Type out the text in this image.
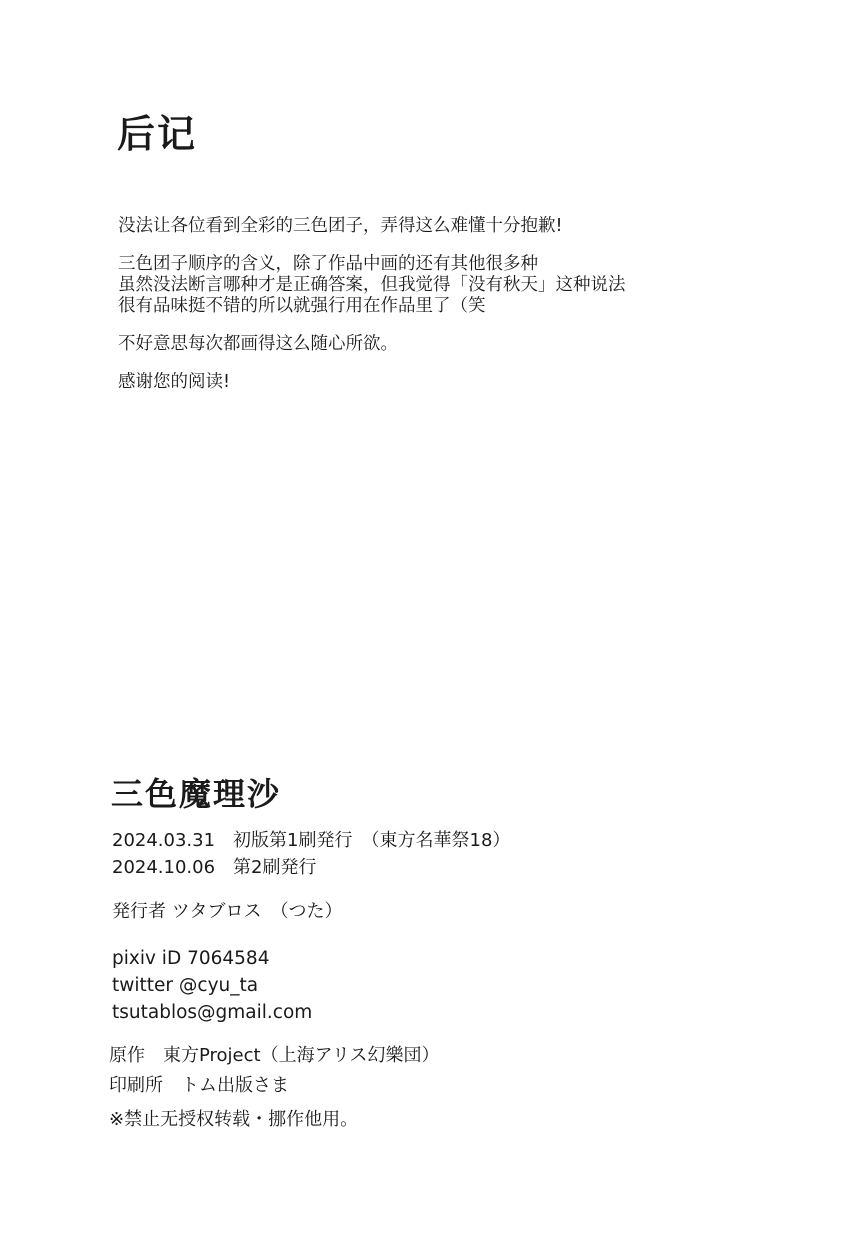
后记

没法让各位看到全彩的三色团子，弄得这么难懂十分抱歉!

三色团子顺序的含义，除了作品中画的还有其他很多种
虽然没法断言哪种才是正确答案，但我觉得「没有秋天」这种说法
很有品味挺不错的所以就强行用在作品里了（笑

不好意思每次都画得这么随心所欲。

感谢您的阅读!

三色魔理沙
2024.03.31　初版第1刷発行　（東方名華祭18）
2024.10.06　第2刷発行
発行者 ツタブロス　（つた）
pixiv iD 7064584
twitter @cyu_ta
tsutablos@gmail.com
原作　東方Project（上海アリス幻樂団）
印刷所　トム出版さま
※禁止无授权转载・挪作他用。
